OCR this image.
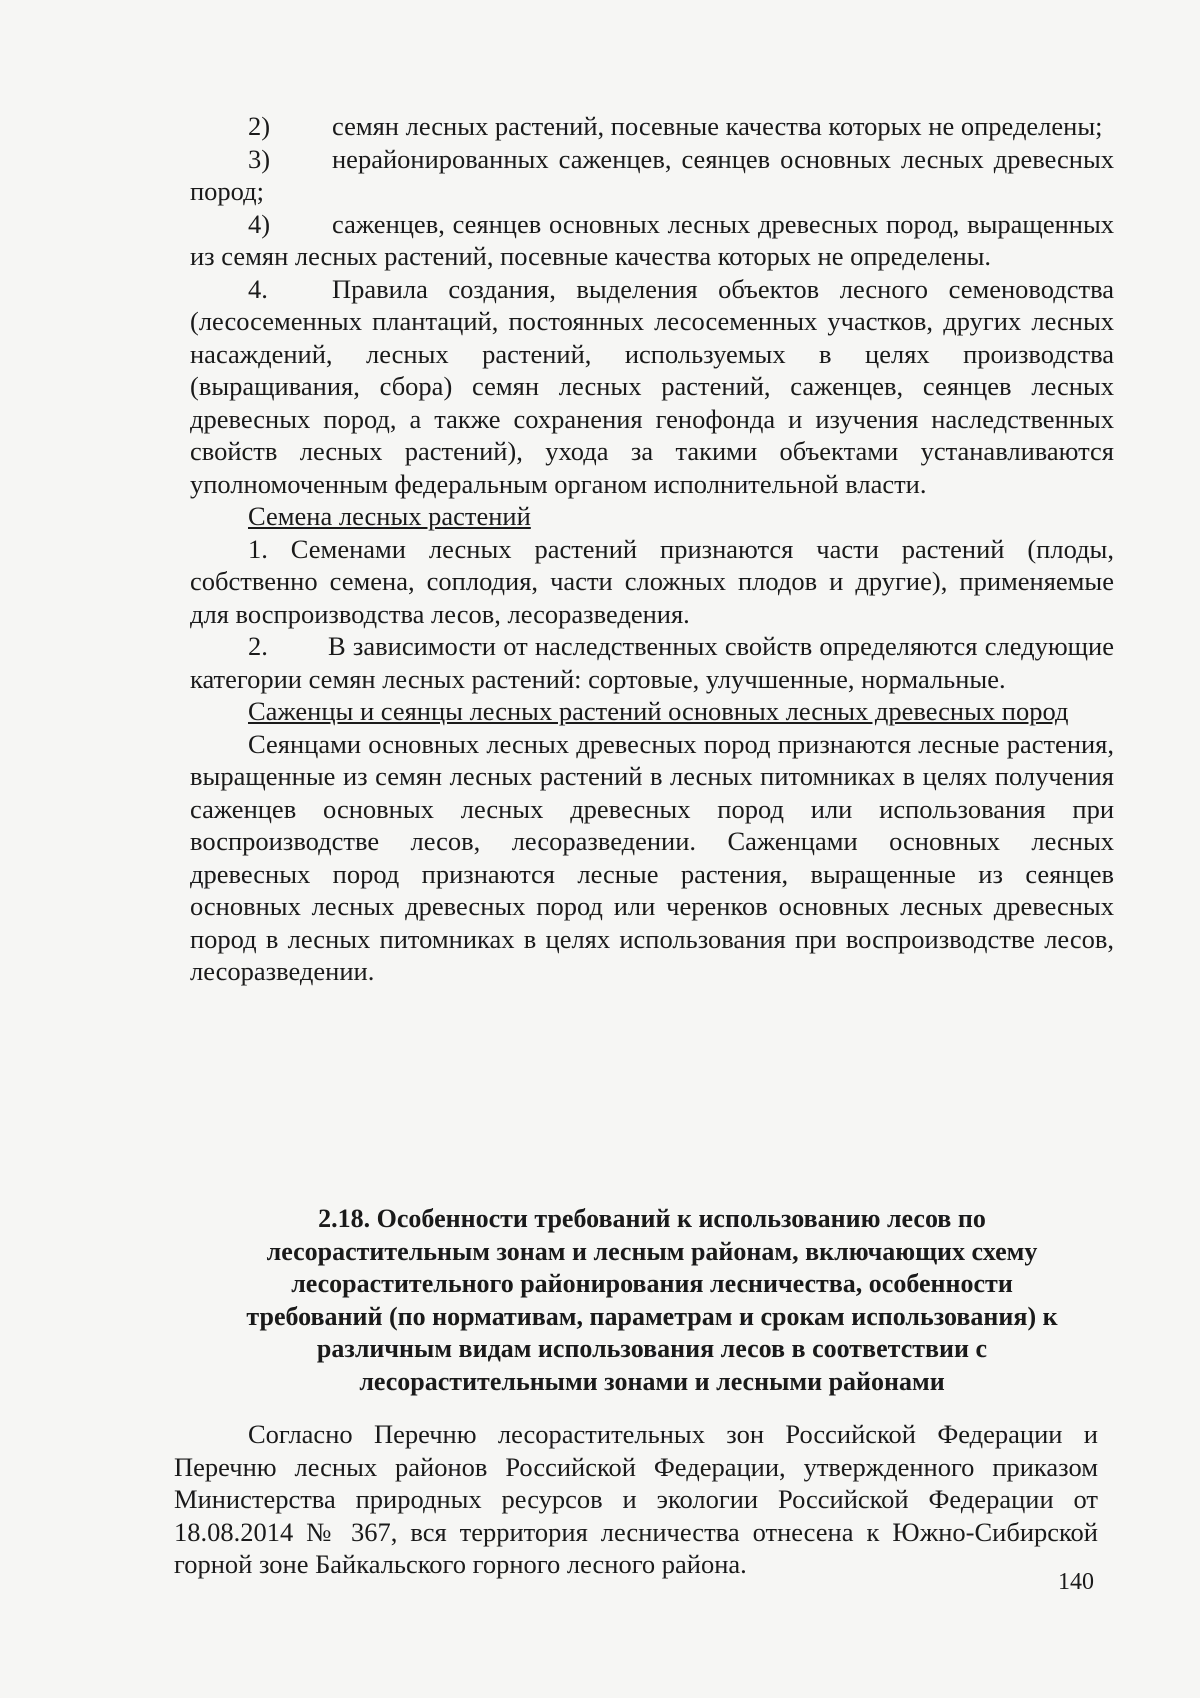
2) семян лесных растений, посевные качества которых не определены;

3) нерайонированных саженцев, сеянцев основных лесных древесных пород;

4) саженцев, сеянцев основных лесных древесных пород, выращенных из семян лесных растений, посевные качества которых не определены.

4. Правила создания, выделения объектов лесного семеноводства (лесосеменных плантаций, постоянных лесосеменных участков, других лесных насаждений, лесных растений, используемых в целях производства (выращивания, сбора) семян лесных растений, саженцев, сеянцев лесных древесных пород, а также сохранения генофонда и изучения наследственных свойств лесных растений), ухода за такими объектами устанавливаются уполномоченным федеральным органом исполнительной власти.

Семена лесных растений

1. Семенами лесных растений признаются части растений (плоды, собственно семена, соплодия, части сложных плодов и другие), применяемые для воспроизводства лесов, лесоразведения.

2. В зависимости от наследственных свойств определяются следующие категории семян лесных растений: сортовые, улучшенные, нормальные.

Саженцы и сеянцы лесных растений основных лесных древесных пород

Сеянцами основных лесных древесных пород признаются лесные растения, выращенные из семян лесных растений в лесных питомниках в целях получения саженцев основных лесных древесных пород или использования при воспроизводстве лесов, лесоразведении. Саженцами основных лесных древесных пород признаются лесные растения, выращенные из сеянцев основных лесных древесных пород или черенков основных лесных древесных пород в лесных питомниках в целях использования при воспроизводстве лесов, лесоразведении.

2.18. Особенности требований к использованию лесов по
лесорастительным зонам и лесным районам, включающих схему
лесорастительного районирования лесничества, особенности
требований (по нормативам, параметрам и срокам использования) к
различным видам использования лесов в соответствии с
лесорастительными зонами и лесными районами

Согласно Перечню лесорастительных зон Российской Федерации и Перечню лесных районов Российской Федерации, утвержденного приказом Министерства природных ресурсов и экологии Российской Федерации от 18.08.2014 № 367, вся территория лесничества отнесена к Южно-Сибирской горной зоне Байкальского горного лесного района.

140
